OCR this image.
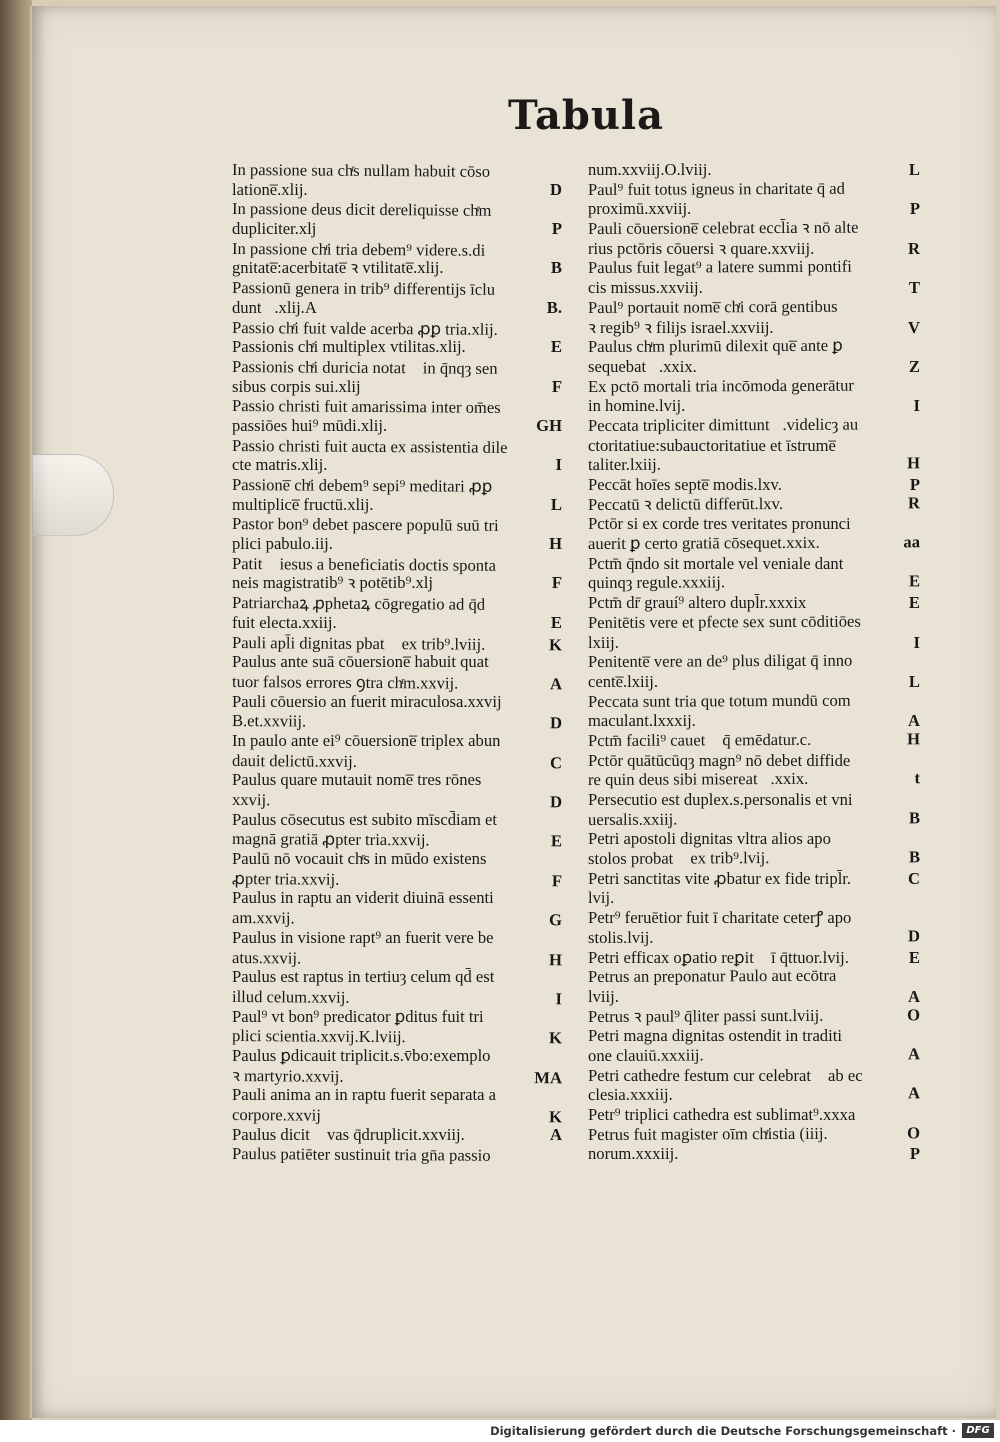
Tabula
In passione sua chͬs nullam habuit cōso
latione̅.xlij.	D
In passione deus dicit dereliquisse chͬm
dupliciter.xlj	P
In passione chͬi tria debem⁹ videre.s.di
gnitate̅:acerbitate̅ ꝛ vtilitate̅.xlij.	B
Passionū genera in trib⁹ differentijs īclu
duntᷣ.xlij.A	B.
Passio chͬi fuit valde acerba ꝓꝑ tria.xlij.
Passionis chͬi multiplex vtilitas.xlij.	E
Passionis chͬi duricia notatᷣ in q̄nqȝ sen
sibus corpis sui.xlij	F
Passio christi fuit amarissima inter om̄es
passiōes hui⁹ mūdi.xlij.	GH
Passio christi fuit aucta ex assistentia dile
cte matris.xlij.	I
Passione̅ chͬi debem⁹ sepi⁹ meditari ꝓꝑ
multiplice̅ fructū.xlij.	L
Pastor bon⁹ debet pascere populū suū tri
plici pabulo.iij.	H
Patitᷣ iesus a beneficiatis doctis sponta
neis magistratib⁹ ꝛ potētib⁹.xlj	F
Patriarchaꝝ ꝓphetaꝝ cōgregatio ad q̄d
fuit electa.xxiij.	E
Pauli apl̄i dignitas pbatᷣ ex trib⁹.lviij.	K
Paulus ante suā cōuersione̅ habuit quat
tuor falsos errores ꝯtra chͬm.xxvij.	A
Pauli cōuersio an fuerit miraculosa.xxvij
B.et.xxviij.	D
In paulo ante ei⁹ cōuersione̅ triplex abun
dauit delictū.xxvij.	C
Paulus quare mutauit nome̅ tres rōnes
xxvij.	D
Paulus cōsecutus est subito mīscd̄iam et
magnā gratiā ꝓpter tria.xxvij.	E
Paulū nō vocauit chͬs in mūdo existens
ꝓpter tria.xxvij.	F
Paulus in raptu an viderit diuinā essenti
am.xxvij.	G
Paulus in visione rapt⁹ an fuerit vere be
atus.xxvij.	H
Paulus est raptus in tertiuȝ celum qd̄ est
illud celum.xxvij.	I
Paul⁹ vt bon⁹ predicator ꝑditus fuit tri
plici scientia.xxvij.K.lviij.	K
Paulus ꝑdicauit triplicit.s.v̄bo:exemplo
ꝛ martyrio.xxvij.	MA
Pauli anima an in raptu fuerit separata a
corpore.xxvij	K
Paulus dicitᷣ vas q̄druplicit.xxviij.	A
Paulus patiēter sustinuit tria gn̄a passio
num.xxviij.O.lviij.	L
Paul⁹ fuit totus igneus in charitate q̄ ad
proximū.xxviij.	P
Pauli cōuersione̅ celebrat eccl̄ia ꝛ nō alte
rius pctōris cōuersi ꝛ quare.xxviij.	R
Paulus fuit legat⁹ a latere summi pontifi
cis missus.xxviij.	T
Paul⁹ portauit nome̅ chͬi corā gentibus
ꝛ regib⁹ ꝛ filijs israel.xxviij.	V
Paulus chͬm plurimū dilexit que̅ ante ꝑ
sequebatᷣ.xxix.	Z
Ex pctō mortali tria incōmoda generātur
in homine.lvij.	I
Peccata tripliciter dimittuntᷣ.videlicȝ au
ctoritatiue:subauctoritatiue et īstrume̅
taliter.lxiij.	H
Peccāt hoīes septe̅ modis.lxv.	P
Peccatū ꝛ delictū differūt.lxv.	R
Pctōr si ex corde tres veritates pronunci
auerit ꝑ certo gratiā cōsequet.xxix.	aa
Pctm̄ q̄ndo sit mortale vel veniale dantᷣ
quinqȝ regule.xxxiij.	E
Pctm̄ dr̄ grauí⁹ altero dupl̄r.xxxix	E
Penitētis vere et pfecte sex sunt cōditiōes
lxiij.	I
Penitente̅ vere an de⁹ plus diligat q̄ inno
cente̅.lxiij.	L
Peccata sunt tria que totum mundū com
maculant.lxxxij.	A
Pctm̄ facili⁹ cauetᷣ q̄ emēdatur.c.	H
Pctōr quātūcūqȝ magn⁹ nō debet diffide
re quin deus sibi misereatᷣ.xxix.	t
Persecutio est duplex.s.personalis et vni
uersalis.xxiij.	B
Petri apostoli dignitas vltra alios apo
stolos probatᷣ ex trib⁹.lvij.	B
Petri sanctitas vite ꝓbatur ex fide tripl̄r.	C
lvij.
Petr⁹ feruētior fuit ī charitate ceterꝭ apo
stolis.lvij.	D
Petri efficax oꝑatio reꝑitᷣ ī q̄ttuor.lvij.	E
Petrus an preponatur Paulo aut ecōtra
lviij.	A
Petrus ꝛ paul⁹ q̄liter passi sunt.lviij.	O
Petri magna dignitas ostendit in traditi
one clauiū.xxxiij.	A
Petri cathedre festum cur celebratᷣ ab ec
clesia.xxxiij.	A
Petr⁹ triplici cathedra est sublimat⁹.xxxa
Petrus fuit magister oīm chͬistia (iiij.	O
norum.xxxiij.	P
Digitalisierung gefördert durch die Deutsche Forschungsgemeinschaft ·	DFG
